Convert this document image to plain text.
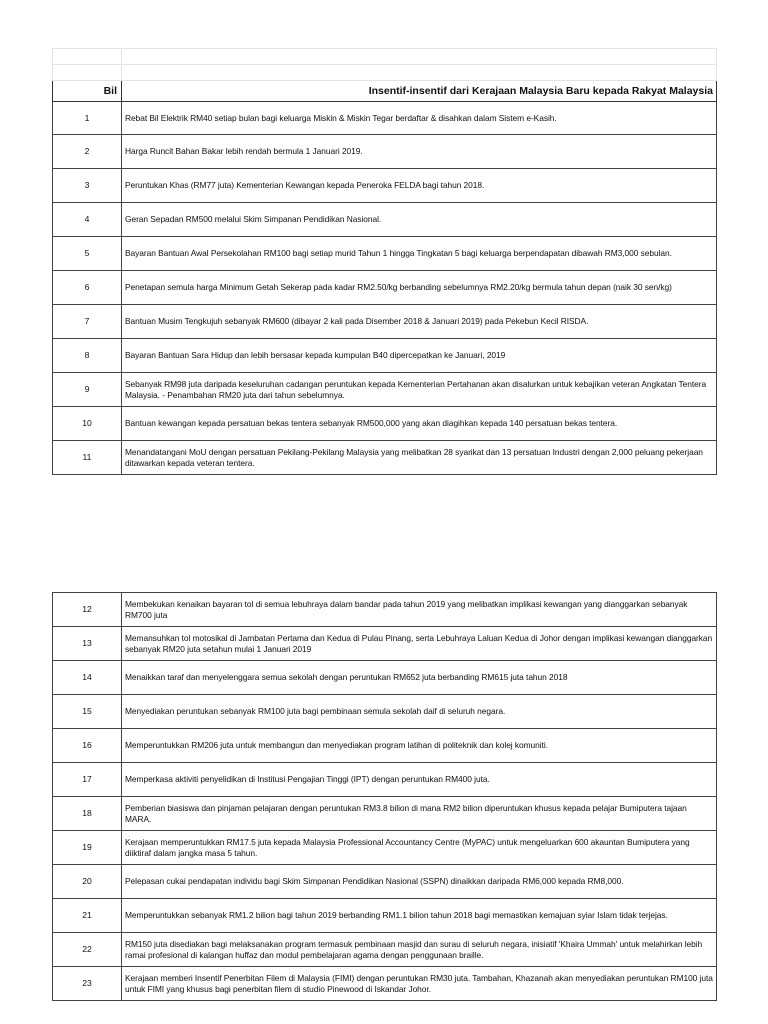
Bil	Insentif-insentif dari Kerajaan Malaysia Baru kepada Rakyat Malaysia
1	Rebat Bil Elektrik RM40 setiap bulan bagi keluarga Miskin & Miskin Tegar berdaftar & disahkan dalam Sistem e-Kasih.
2	Harga Runcit Bahan Bakar lebih rendah bermula 1 Januari 2019.
3	Peruntukan Khas (RM77 juta) Kementerian Kewangan kepada Peneroka FELDA bagi tahun 2018.
4	Geran Sepadan RM500 melalui Skim Simpanan Pendidikan Nasional.
5	Bayaran Bantuan Awal Persekolahan RM100 bagi setiap murid Tahun 1 hingga Tingkatan 5 bagi keluarga berpendapatan dibawah RM3,000 sebulan.
6	Penetapan semula harga Minimum Getah Sekerap pada kadar RM2.50/kg berbanding sebelumnya RM2.20/kg bermula tahun depan (naik 30 sen/kg)
7	Bantuan Musim Tengkujuh sebanyak RM600 (dibayar 2 kali pada Disember 2018 & Januari 2019) pada Pekebun Kecil RISDA.
8	Bayaran Bantuan Sara Hidup dan lebih bersasar kepada kumpulan B40 dipercepatkan ke Januari, 2019
9	Sebanyak RM98 juta daripada keseluruhan cadangan peruntukan kepada Kementerian Pertahanan akan disalurkan untuk kebajikan veteran Angkatan Tentera Malaysia. - Penambahan RM20 juta dari tahun sebelumnya.
10	Bantuan kewangan kepada persatuan bekas tentera sebanyak RM500,000 yang akan diagihkan kepada 140 persatuan bekas tentera.
11	Menandatangani MoU dengan persatuan Pekilang-Pekilang Malaysia yang melibatkan 28 syarikat dan 13 persatuan Industri dengan 2,000 peluang pekerjaan ditawarkan kepada veteran tentera.
12	Membekukan kenaikan bayaran tol di semua lebuhraya dalam bandar pada tahun 2019 yang melibatkan implikasi kewangan yang dianggarkan sebanyak RM700 juta
13	Memansuhkan tol motosikal di Jambatan Pertama dan Kedua di Pulau Pinang, serta Lebuhraya Laluan Kedua di Johor dengan implikasi kewangan dianggarkan sebanyak RM20 juta setahun mulai 1 Januari 2019
14	Menaikkan taraf dan menyelenggara semua sekolah dengan peruntukan RM652 juta berbanding RM615 juta tahun 2018
15	Menyediakan peruntukan sebanyak RM100 juta bagi pembinaan semula sekolah daif di seluruh negara.
16	Memperuntukkan RM206 juta untuk membangun dan menyediakan program latihan di politeknik dan kolej komuniti.
17	Memperkasa aktiviti penyelidikan di Institusi Pengajian Tinggi (IPT) dengan peruntukan RM400 juta.
18	Pemberian biasiswa dan pinjaman pelajaran dengan peruntukan RM3.8 bilion di mana RM2 bilion diperuntukan khusus kepada pelajar Bumiputera tajaan MARA.
19	Kerajaan memperuntukkan RM17.5 juta kepada Malaysia Professional Accountancy Centre (MyPAC) untuk mengeluarkan 600 akauntan Bumiputera yang diiktiraf dalam jangka masa 5 tahun.
20	Pelepasan cukai pendapatan individu bagi Skim Simpanan Pendidikan Nasional (SSPN) dinaikkan daripada RM6,000 kepada RM8,000.
21	Memperuntukkan sebanyak RM1.2 bilion bagi tahun 2019 berbanding RM1.1 bilion tahun 2018 bagi memastikan kemajuan syiar Islam tidak terjejas.
22	RM150 juta disediakan bagi melaksanakan program termasuk pembinaan masjid dan surau di seluruh negara, inisiatif 'Khaira Ummah' untuk melahirkan lebih ramai profesional di kalangan huffaz dan modul pembelajaran agama dengan penggunaan braille.
23	Kerajaan memberi Insentif Penerbitan Filem di Malaysia (FIMI) dengan peruntukan RM30 juta. Tambahan, Khazanah akan menyediakan peruntukan RM100 juta untuk FIMI yang khusus bagi penerbitan filem di studio Pinewood di Iskandar Johor.
